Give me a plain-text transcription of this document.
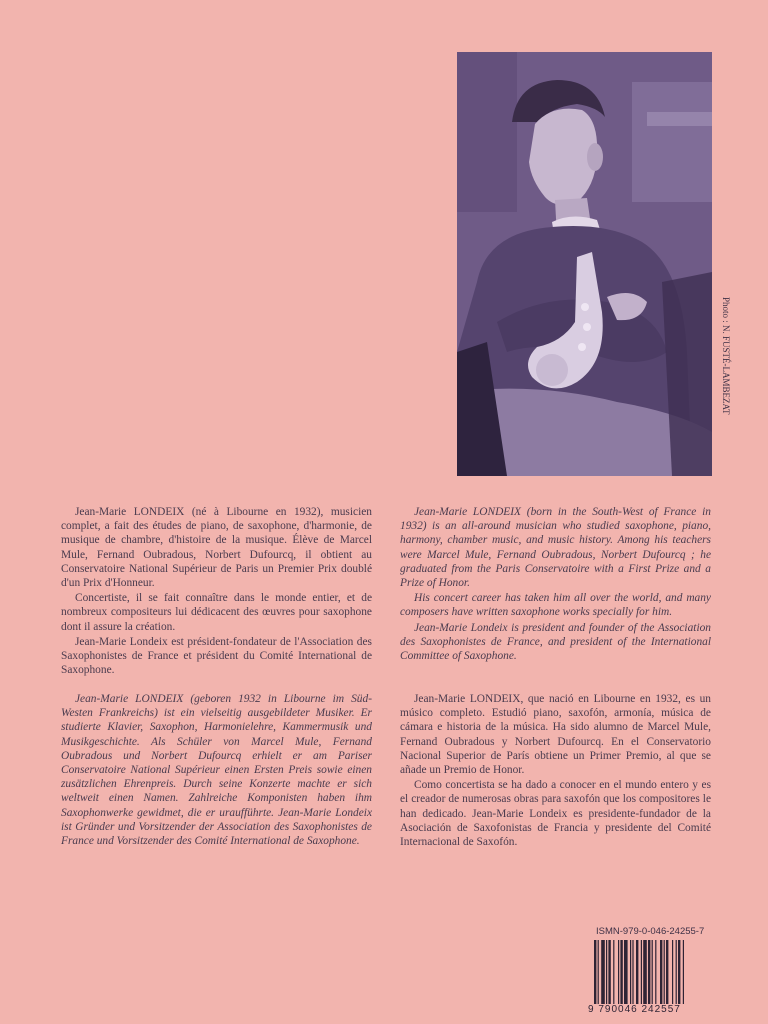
Photo : N. FUSTÉ-LAMBEZAT

Jean-Marie LONDEIX (né à Libourne en 1932), musicien complet, a fait des études de piano, de saxophone, d'harmonie, de musique de chambre, d'histoire de la musique. Élève de Marcel Mule, Fernand Oubradous, Norbert Dufourcq, il obtient au Conservatoire National Supérieur de Paris un Premier Prix doublé d'un Prix d'Honneur.

Concertiste, il se fait connaître dans le monde entier, et de nombreux compositeurs lui dédicacent des œuvres pour saxophone dont il assure la création.

Jean-Marie Londeix est président-fondateur de l'Association des Saxophonistes de France et président du Comité International de Saxophone.

Jean-Marie LONDEIX (geboren 1932 in Libourne im Süd-Westen Frankreichs) ist ein vielseitig ausgebildeter Musiker. Er studierte Klavier, Saxophon, Harmonielehre, Kammermusik und Musikgeschichte. Als Schüler von Marcel Mule, Fernand Oubradous und Norbert Dufourcq erhielt er am Pariser Conservatoire National Supérieur einen Ersten Preis sowie einen zusätzlichen Ehrenpreis. Durch seine Konzerte machte er sich weltweit einen Namen. Zahlreiche Komponisten haben ihm Saxophonwerke gewidmet, die er uraufführte. Jean-Marie Londeix ist Gründer und Vorsitzender der Association des Saxophonistes de France und Vorsitzender des Comité International de Saxophone.

Jean-Marie LONDEIX (born in the South-West of France in 1932) is an all-around musician who studied saxophone, piano, harmony, chamber music, and music history. Among his teachers were Marcel Mule, Fernand Oubradous, Norbert Dufourcq ; he graduated from the Paris Conservatoire with a First Prize and a Prize of Honor.

His concert career has taken him all over the world, and many composers have written saxophone works specially for him.

Jean-Marie Londeix is president and founder of the Association des Saxophonistes de France, and president of the International Committee of Saxophone.

Jean-Marie LONDEIX, que nació en Libourne en 1932, es un músico completo. Estudió piano, saxofón, armonía, música de cámara e historia de la música. Ha sido alumno de Marcel Mule, Fernand Oubradous y Norbert Dufourcq. En el Conservatorio Nacional Superior de París obtiene un Primer Premio, al que se añade un Premio de Honor.

Como concertista se ha dado a conocer en el mundo entero y es el creador de numerosas obras para saxofón que los compositores le han dedicado. Jean-Marie Londeix es presidente-fundador de la Asociación de Saxofonistas de Francia y presidente del Comité Internacional de Saxofón.

ISMN-979-0-046-24255-7
9 790046 242557
